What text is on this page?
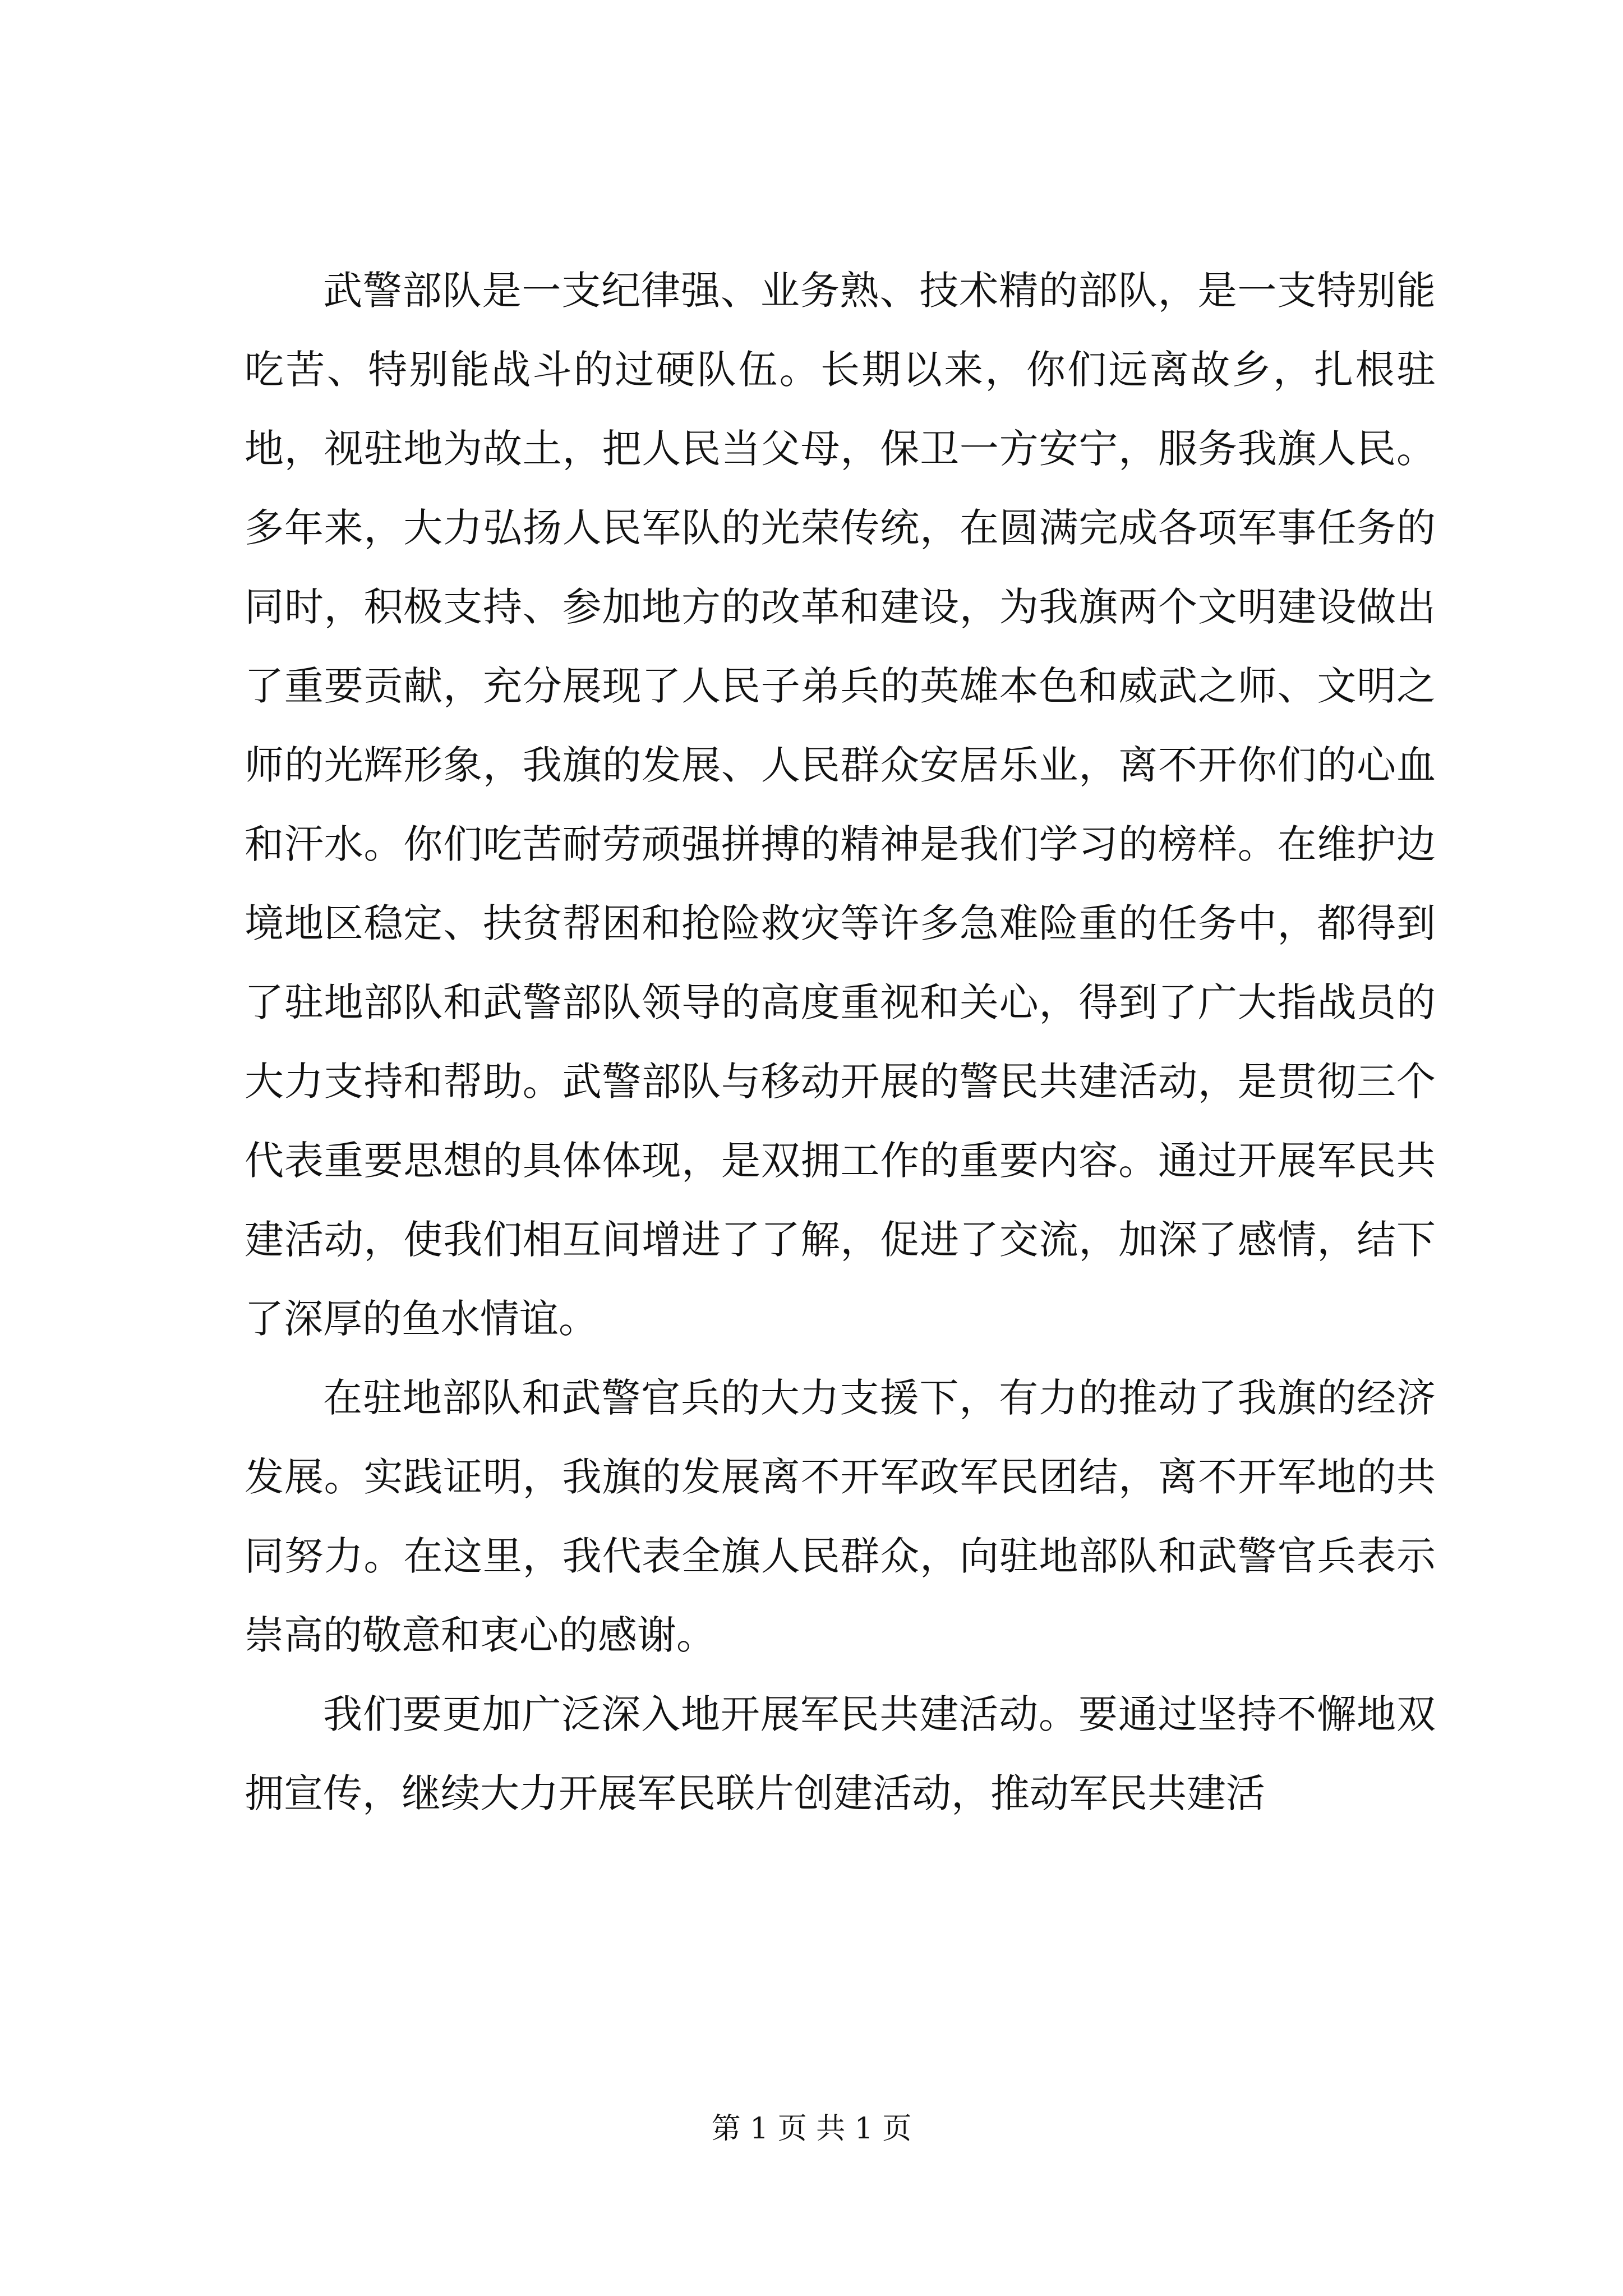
武警部队是一支纪律强、业务熟、技术精的部队，是一支特别能吃苦、特别能战斗的过硬队伍。长期以来，你们远离故乡，扎根驻地，视驻地为故土，把人民当父母，保卫一方安宁，服务我旗人民。多年来，大力弘扬人民军队的光荣传统，在圆满完成各项军事任务的同时，积极支持、参加地方的改革和建设，为我旗两个文明建设做出了重要贡献，充分展现了人民子弟兵的英雄本色和威武之师、文明之师的光辉形象，我旗的发展、人民群众安居乐业，离不开你们的心血和汗水。你们吃苦耐劳顽强拼搏的精神是我们学习的榜样。在维护边境地区稳定、扶贫帮困和抢险救灾等许多急难险重的任务中，都得到了驻地部队和武警部队领导的高度重视和关心，得到了广大指战员的大力支持和帮助。武警部队与移动开展的警民共建活动，是贯彻三个代表重要思想的具体体现，是双拥工作的重要内容。通过开展军民共建活动，使我们相互间增进了了解，促进了交流，加深了感情，结下了深厚的鱼水情谊。

在驻地部队和武警官兵的大力支援下，有力的推动了我旗的经济发展。实践证明，我旗的发展离不开军政军民团结，离不开军地的共同努力。在这里，我代表全旗人民群众，向驻地部队和武警官兵表示崇高的敬意和衷心的感谢。

我们要更加广泛深入地开展军民共建活动。要通过坚持不懈地双拥宣传，继续大力开展军民联片创建活动，推动军民共建活

第 1 页 共 1 页
